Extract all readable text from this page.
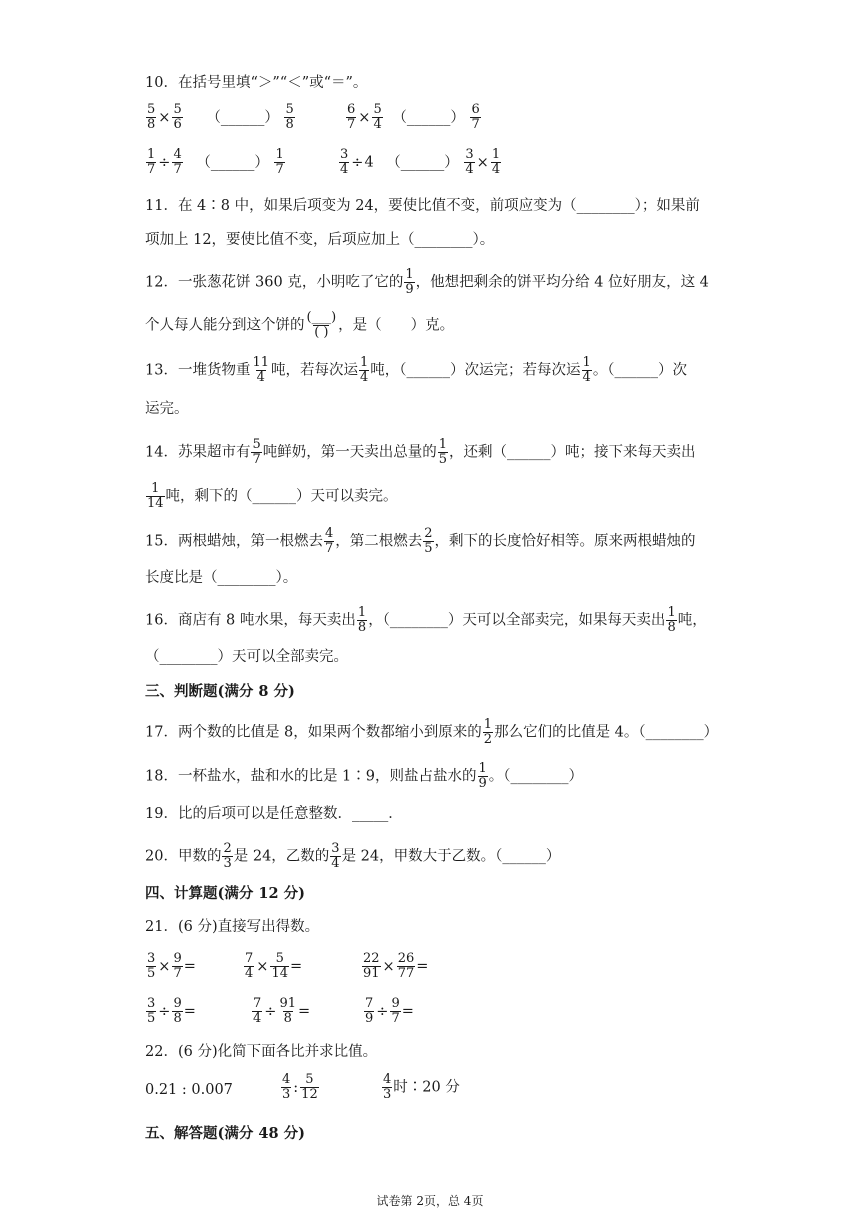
10．在括号里填“＞”“＜”或“＝”。
$\frac{5}{8} \times \frac{5}{6}$ （______） $\frac{5}{8}$	$\frac{6}{7} \times \frac{5}{4}$ （______） $\frac{6}{7}$
$\frac{1}{7} \div \frac{4}{7}$ （______） $\frac{1}{7}$	$\frac{3}{4} \div 4$ （______） $\frac{3}{4} \times \frac{1}{4}$
11．在 4∶8 中，如果后项变为 24，要使比值不变，前项应变为（________）；如果前
项加上 12，要使比值不变，后项应加上（________）。
12．一张葱花饼 360 克，小明吃了它的 $\frac{1}{9}$ ，他想把剩余的饼平均分给 4 位好朋友，这 4
个人每人能分到这个饼的 $\frac{(\_\_\_)}{( )}$ ，是（　　）克。
13．一堆货物重 $\frac{11}{4}$ 吨，若每次运 $\frac{1}{4}$ 吨，（______）次运完；若每次运 $\frac{1}{4}$ 。（______）次
运完。
14．苏果超市有 $\frac{5}{7}$ 吨鲜奶，第一天卖出总量的 $\frac{1}{5}$ ，还剩（______）吨；接下来每天卖出
$\frac{1}{14}$ 吨，剩下的（______）天可以卖完。
15．两根蜡烛，第一根燃去 $\frac{4}{7}$ ，第二根燃去 $\frac{2}{5}$ ，剩下的长度恰好相等。原来两根蜡烛的
长度比是（________）。
16．商店有 8 吨水果，每天卖出 $\frac{1}{8}$ ，（________）天可以全部卖完，如果每天卖出 $\frac{1}{8}$ 吨，
（________）天可以全部卖完。
三、判断题(满分 8 分)
17．两个数的比值是 8，如果两个数都缩小到原来的 $\frac{1}{2}$ 那么它们的比值是 4。（________）
18．一杯盐水，盐和水的比是 1∶9，则盐占盐水的 $\frac{1}{9}$ 。（________）
19．比的后项可以是任意整数．_____．
20．甲数的 $\frac{2}{3}$ 是 24，乙数的 $\frac{3}{4}$ 是 24，甲数大于乙数。（______）
四、计算题(满分 12 分)
21．(6 分)直接写出得数。
$\frac{3}{5} \times \frac{9}{7}$ =	$\frac{7}{4} \times \frac{5}{14}$ =	$\frac{22}{91} \times \frac{26}{77}$ =
$\frac{3}{5} \div \frac{9}{8}$ =	$\frac{7}{4} \div \frac{91}{8}$ =	$\frac{7}{9} \div \frac{9}{7}$ =
22．(6 分)化简下面各比并求比值。
0.21 : 0.007	$\frac{4}{3}$ : $\frac{5}{12}$	$\frac{4}{3}$ 时∶20 分
五、解答题(满分 48 分)
试卷第 2页，总 4页
